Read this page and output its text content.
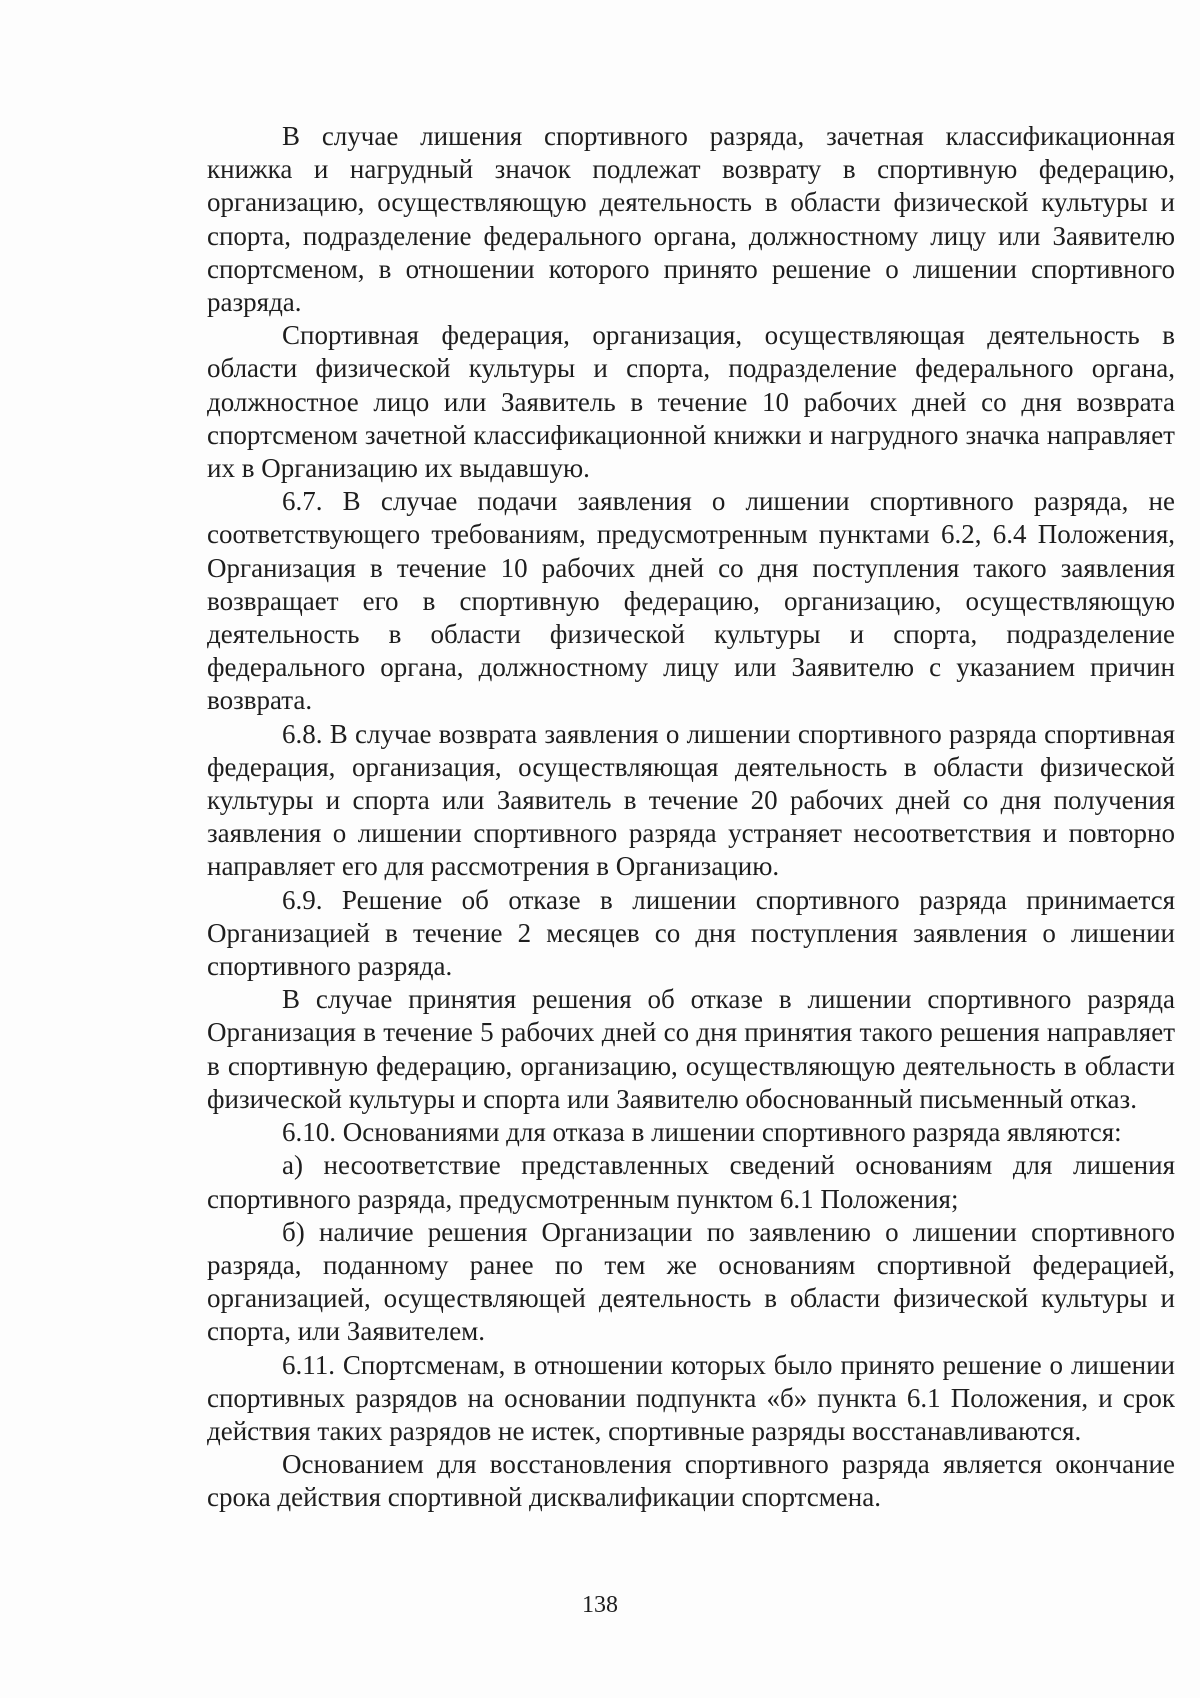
В случае лишения спортивного разряда, зачетная классификационная книжка и нагрудный значок подлежат возврату в спортивную федерацию, организацию, осуществляющую деятельность в области физической культуры и спорта, подразделение федерального органа, должностному лицу или Заявителю спортсменом, в отношении которого принято решение о лишении спортивного разряда.

Спортивная федерация, организация, осуществляющая деятельность в области физической культуры и спорта, подразделение федерального органа, должностное лицо или Заявитель в течение 10 рабочих дней со дня возврата спортсменом зачетной классификационной книжки и нагрудного значка направляет их в Организацию их выдавшую.

6.7. В случае подачи заявления о лишении спортивного разряда, не соответствующего требованиям, предусмотренным пунктами 6.2, 6.4 Положения, Организация в течение 10 рабочих дней со дня поступления такого заявления возвращает его в спортивную федерацию, организацию, осуществляющую деятельность в области физической культуры и спорта, подразделение федерального органа, должностному лицу или Заявителю с указанием причин возврата.

6.8. В случае возврата заявления о лишении спортивного разряда спортивная федерация, организация, осуществляющая деятельность в области физической культуры и спорта или Заявитель в течение 20 рабочих дней со дня получения заявления о лишении спортивного разряда устраняет несоответствия и повторно направляет его для рассмотрения в Организацию.

6.9. Решение об отказе в лишении спортивного разряда принимается Организацией в течение 2 месяцев со дня поступления заявления о лишении спортивного разряда.

В случае принятия решения об отказе в лишении спортивного разряда Организация в течение 5 рабочих дней со дня принятия такого решения направляет в спортивную федерацию, организацию, осуществляющую деятельность в области физической культуры и спорта или Заявителю обоснованный письменный отказ.

6.10. Основаниями для отказа в лишении спортивного разряда являются:

а) несоответствие представленных сведений основаниям для лишения спортивного разряда, предусмотренным пунктом 6.1 Положения;

б) наличие решения Организации по заявлению о лишении спортивного разряда, поданному ранее по тем же основаниям спортивной федерацией, организацией, осуществляющей деятельность в области физической культуры и спорта, или Заявителем.

6.11. Спортсменам, в отношении которых было принято решение о лишении спортивных разрядов на основании подпункта «б» пункта 6.1 Положения, и срок действия таких разрядов не истек, спортивные разряды восстанавливаются.

Основанием для восстановления спортивного разряда является окончание срока действия спортивной дисквалификации спортсмена.

138
